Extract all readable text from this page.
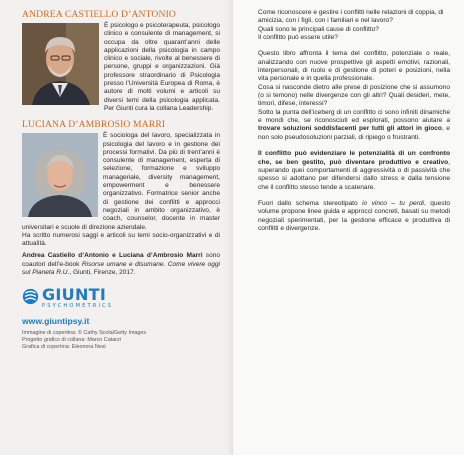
ANDREA CASTIELLO D’ANTONIO

È psicologo e psicoterapeuta, psicologo clinico e consulente di management, si occupa da oltre quarant’anni delle applicazioni della psicologia in campo clinico e sociale, rivolte al benessere di persone, gruppi e organizzazioni. Già professore straordinario di Psicologia presso l’Università Europea di Roma, è autore di molti volumi e articoli su diversi temi della psicologia applicata. Per Giunti cura la collana Leadership.

LUCIANA D’AMBROSIO MARRI

È sociologa del lavoro, specializzata in psicologia del lavoro e in gestione dei processi formativi. Da più di trent’anni è consulente di management, esperta di selezione, formazione e sviluppo manageriale, diversity management, empowerment e benessere organizzativo. Formatrice senior anche di gestione dei conflitti e approcci negoziali in ambito organizzativo, è coach, counselor, docente in master universitari e scuole di direzione aziendale.

Ha scritto numerosi saggi e articoli su temi socio-organizzativi e di attualità.

Andrea Castiello d’Antonio e Luciana d’Ambrosio Marri sono coautori dell’e-book Risorse umane e disumane. Come vivere oggi sul Pianeta R.U., Giunti, Firenze, 2017.

GIUNTI
PSYCHOMETRICS
www.giuntipsy.it
Immagine di copertina: © Cathy Scola/Getty Images
Progetto grafico di collana: Marco Catarzi
Grafica di copertina: Eleonora Nesi

Come riconoscere e gestire i conflitti nelle relazioni di coppia, di amicizia, con i figli, con i familiari e nel lavoro?

Quali sono le principali cause di conflitto?

Il conflitto può essere utile?

Questo libro affronta il tema del conflitto, potenziale o reale, analizzando con nuove prospettive gli aspetti emotivi, razionali, interpersonali, di ruolo e di gestione di poteri e posizioni, nella vita personale e in quella professionale.

Cosa si nasconde dietro alle prese di posizione che si assumono (o si temono) nelle divergenze con gli altri? Quali desideri, mete, timori, difese, interessi?

Sotto la punta dell’iceberg di un conflitto ci sono infiniti dinamiche e mondi che, se riconosciuti ed esplorati, possono aiutare a trovare soluzioni soddisfacenti per tutti gli attori in gioco, e non solo pseudosoluzioni parziali, di ripiego o frustranti.

Il conflitto può evidenziare le potenzialità di un confronto che, se ben gestito, può diventare produttivo e creativo, superando quei comportamenti di aggressività o di passività che spesso si adottano per difendersi dallo stress e dalla tensione che il conflitto stesso tende a scatenare.

Fuori dallo schema stereotipato io vinco – tu perdi, questo volume propone linee guida e approcci concreti, basati su metodi negoziali sperimentati, per la gestione efficace e produttiva di conflitti e divergenze.
